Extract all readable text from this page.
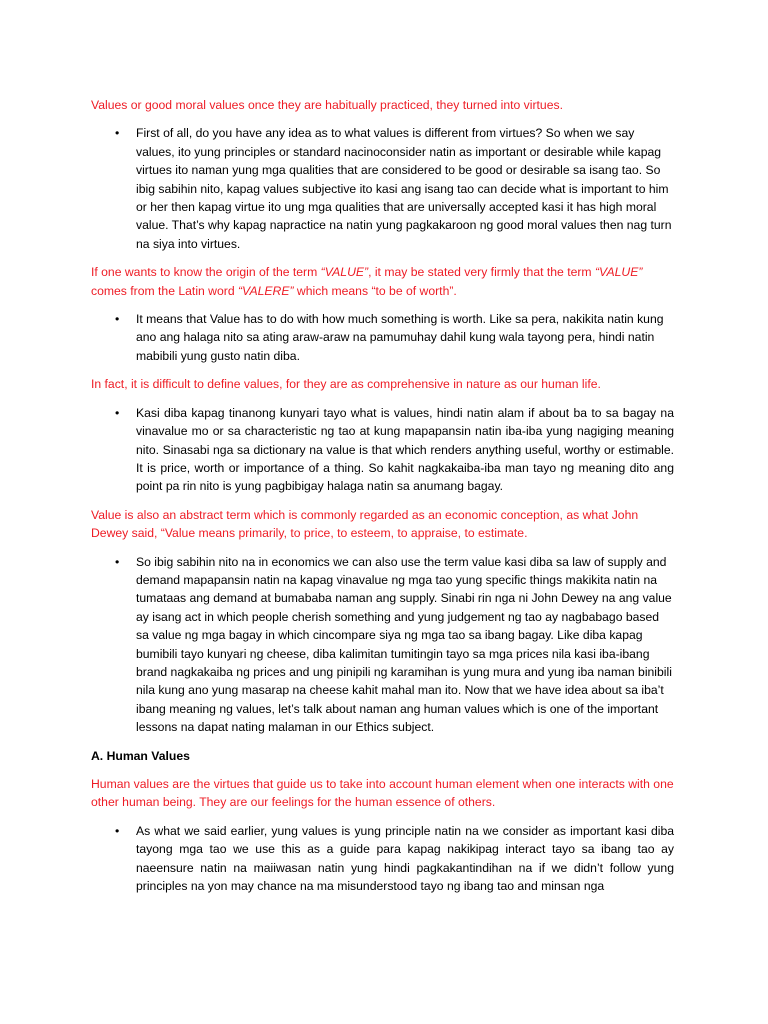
Values or good moral values once they are habitually practiced, they turned into virtues.

• First of all, do you have any idea as to what values is different from virtues? So when we say values, ito yung principles or standard nacinoconsider natin as important or desirable while kapag virtues ito naman yung mga qualities that are considered to be good or desirable sa isang tao. So ibig sabihin nito, kapag values subjective ito kasi ang isang tao can decide what is important to him or her then kapag virtue ito ung mga qualities that are universally accepted kasi it has high moral value. That’s why kapag napractice na natin yung pagkakaroon ng good moral values then nag turn na siya into virtues.

If one wants to know the origin of the term “VALUE”, it may be stated very firmly that the term “VALUE” comes from the Latin word “VALERE” which means “to be of worth”.

• It means that Value has to do with how much something is worth. Like sa pera, nakikita natin kung ano ang halaga nito sa ating araw-araw na pamumuhay dahil kung wala tayong pera, hindi natin mabibili yung gusto natin diba.

In fact, it is difficult to define values, for they are as comprehensive in nature as our human life.

• Kasi diba kapag tinanong kunyari tayo what is values, hindi natin alam if about ba to sa bagay na vinavalue mo or sa characteristic ng tao at kung mapapansin natin iba-iba yung nagiging meaning nito. Sinasabi nga sa dictionary na value is that which renders anything useful, worthy or estimable. It is price, worth or importance of a thing. So kahit nagkakaiba-iba man tayo ng meaning dito ang point pa rin nito is yung pagbibigay halaga natin sa anumang bagay.

Value is also an abstract term which is commonly regarded as an economic conception, as what John Dewey said, “Value means primarily, to price, to esteem, to appraise, to estimate.

• So ibig sabihin nito na in economics we can also use the term value kasi diba sa law of supply and demand mapapansin natin na kapag vinavalue ng mga tao yung specific things makikita natin na tumataas ang demand at bumababa naman ang supply. Sinabi rin nga ni John Dewey na ang value ay isang act in which people cherish something and yung judgement ng tao ay nagbabago based sa value ng mga bagay in which cincompare siya ng mga tao sa ibang bagay. Like diba kapag bumibili tayo kunyari ng cheese, diba kalimitan tumitingin tayo sa mga prices nila kasi iba-ibang brand nagkakaiba ng prices and ung pinipili ng karamihan is yung mura and yung iba naman binibili nila kung ano yung masarap na cheese kahit mahal man ito. Now that we have idea about sa iba’t ibang meaning ng values, let’s talk about naman ang human values which is one of the important lessons na dapat nating malaman in our Ethics subject.

A. Human Values

Human values are the virtues that guide us to take into account human element when one interacts with one other human being. They are our feelings for the human essence of others.

• As what we said earlier, yung values is yung principle natin na we consider as important kasi diba tayong mga tao we use this as a guide para kapag nakikipag interact tayo sa ibang tao ay naeensure natin na maiiwasan natin yung hindi pagkakantindihan na if we didn’t follow yung principles na yon may chance na ma misunderstood tayo ng ibang tao and minsan nga
